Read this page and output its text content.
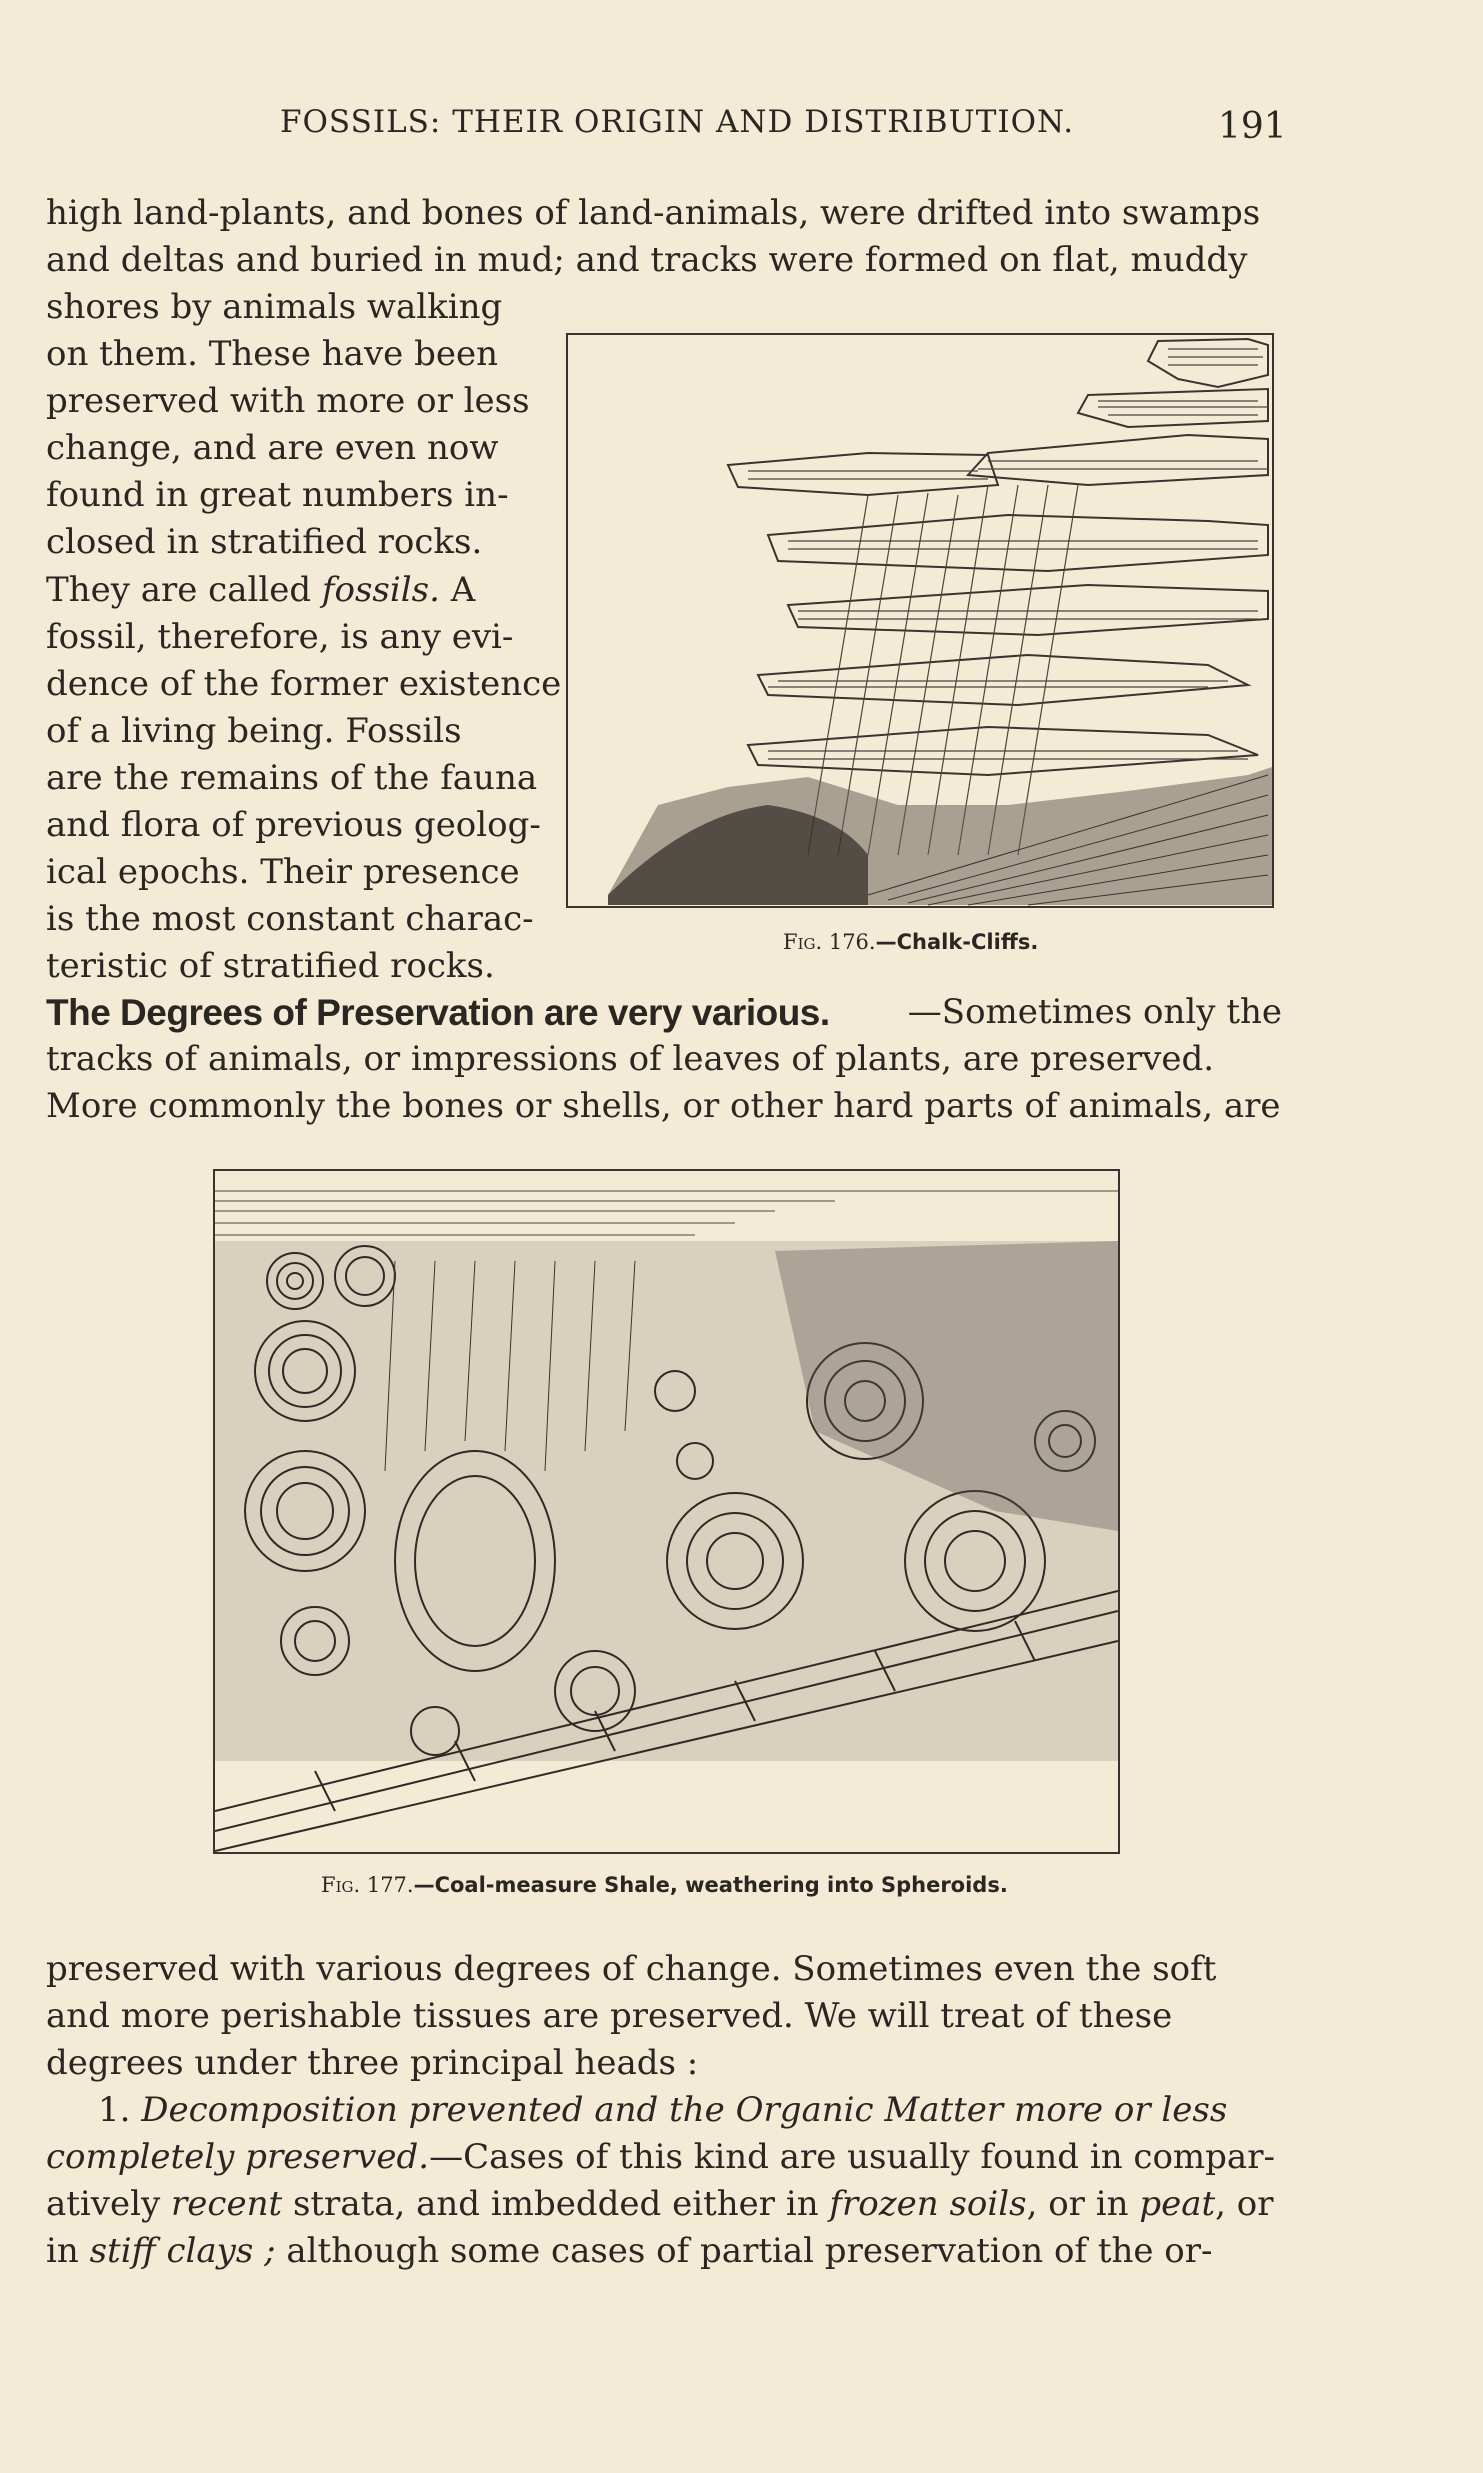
FOSSILS: THEIR ORIGIN AND DISTRIBUTION.	191
high land-plants, and bones of land-animals, were drifted into swamps
and deltas and buried in mud; and tracks were formed on flat, muddy
shores by animals walking
on them. These have been
preserved with more or less
change, and are even now
found in great numbers in-
closed in stratified rocks.
They are called fossils. A
fossil, therefore, is any evi-
dence of the former existence
of a living being. Fossils
are the remains of the fauna
and flora of previous geolog-
ical epochs. Their presence
is the most constant charac-
teristic of stratified rocks.
Fig. 176.—Chalk-Cliffs.
The Degrees of Preservation are very various. —Sometimes only the
tracks of animals, or impressions of leaves of plants, are preserved.
More commonly the bones or shells, or other hard parts of animals, are
Fig. 177.—Coal-measure Shale, weathering into Spheroids.
preserved with various degrees of change. Sometimes even the soft
and more perishable tissues are preserved. We will treat of these
degrees under three principal heads :
1. Decomposition prevented and the Organic Matter more or less
completely preserved. —Cases of this kind are usually found in compar-
atively recent strata, and imbedded either in frozen soils , or in peat , or
in stiff clays ; although some cases of partial preservation of the or-
